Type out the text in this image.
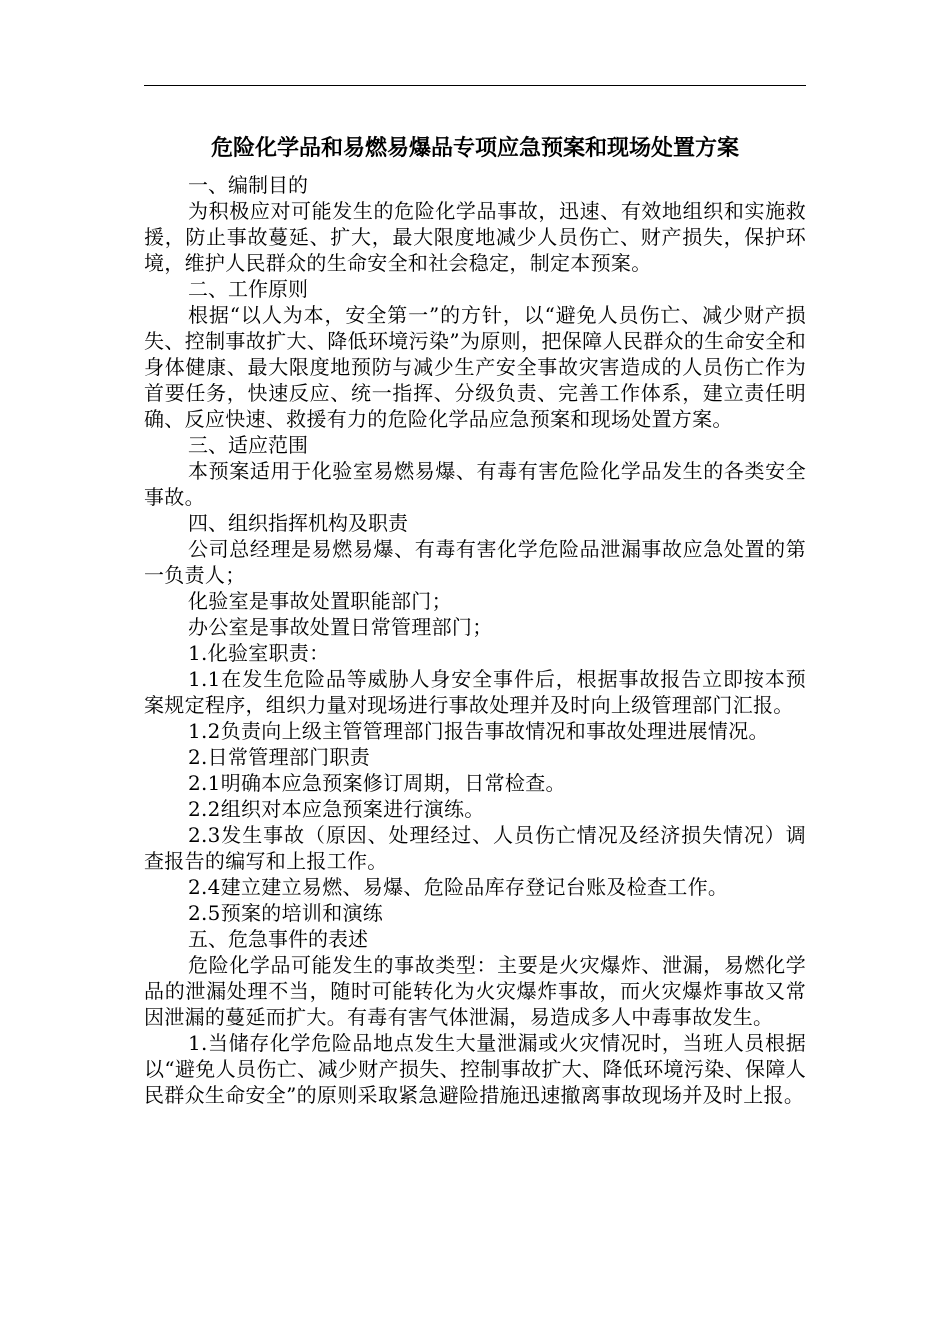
危险化学品和易燃易爆品专项应急预案和现场处置方案

一、编制目的

为积极应对可能发生的危险化学品事故，迅速、有效地组织和实施救援，防止事故蔓延、扩大，最大限度地减少人员伤亡、财产损失，保护环境，维护人民群众的生命安全和社会稳定，制定本预案。

二、工作原则

根据“以人为本，安全第一”的方针，以“避免人员伤亡、减少财产损失、控制事故扩大、降低环境污染”为原则，把保障人民群众的生命安全和身体健康、最大限度地预防与减少生产安全事故灾害造成的人员伤亡作为首要任务，快速反应、统一指挥、分级负责、完善工作体系，建立责任明确、反应快速、救援有力的危险化学品应急预案和现场处置方案。

三、适应范围

本预案适用于化验室易燃易爆、有毒有害危险化学品发生的各类安全事故。

四、组织指挥机构及职责

公司总经理是易燃易爆、有毒有害化学危险品泄漏事故应急处置的第一负责人；

化验室是事故处置职能部门；

办公室是事故处置日常管理部门；

1.化验室职责：

1.1在发生危险品等威胁人身安全事件后，根据事故报告立即按本预案规定程序，组织力量对现场进行事故处理并及时向上级管理部门汇报。

1.2负责向上级主管管理部门报告事故情况和事故处理进展情况。

2.日常管理部门职责

2.1明确本应急预案修订周期，日常检查。

2.2组织对本应急预案进行演练。

2.3发生事故（原因、处理经过、人员伤亡情况及经济损失情况）调查报告的编写和上报工作。

2.4建立建立易燃、易爆、危险品库存登记台账及检查工作。

2.5预案的培训和演练

五、危急事件的表述

危险化学品可能发生的事故类型：主要是火灾爆炸、泄漏，易燃化学品的泄漏处理不当，随时可能转化为火灾爆炸事故，而火灾爆炸事故又常因泄漏的蔓延而扩大。有毒有害气体泄漏，易造成多人中毒事故发生。

1.当储存化学危险品地点发生大量泄漏或火灾情况时，当班人员根据以“避免人员伤亡、减少财产损失、控制事故扩大、降低环境污染、保障人民群众生命安全”的原则采取紧急避险措施迅速撤离事故现场并及时上报。
